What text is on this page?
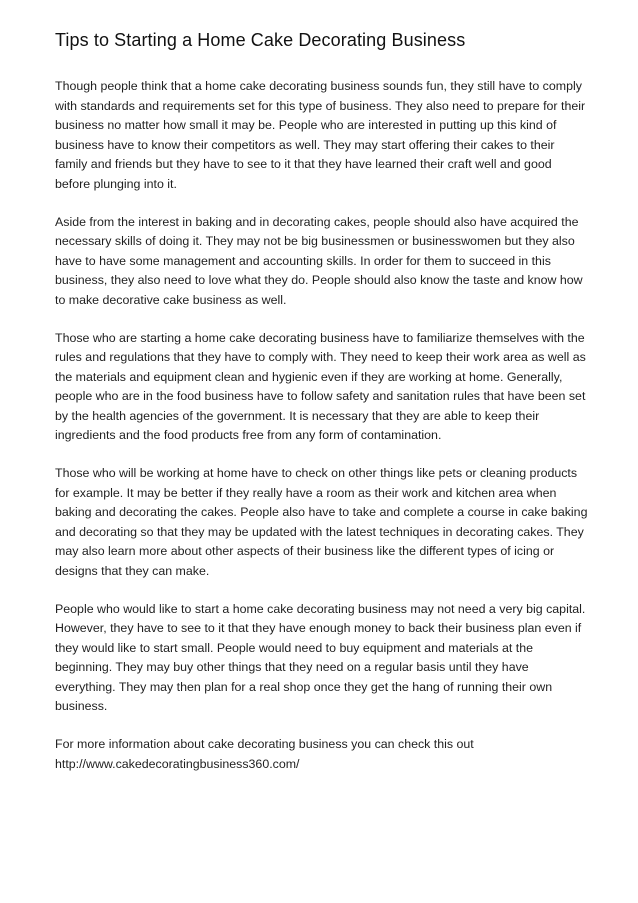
Tips to Starting a Home Cake Decorating Business

Though people think that a home cake decorating business sounds fun, they still have to comply with standards and requirements set for this type of business. They also need to prepare for their business no matter how small it may be. People who are interested in putting up this kind of business have to know their competitors as well. They may start offering their cakes to their family and friends but they have to see to it that they have learned their craft well and good before plunging into it.

Aside from the interest in baking and in decorating cakes, people should also have acquired the necessary skills of doing it. They may not be big businessmen or businesswomen but they also have to have some management and accounting skills. In order for them to succeed in this business, they also need to love what they do. People should also know the taste and know how to make decorative cake business as well.

Those who are starting a home cake decorating business have to familiarize themselves with the rules and regulations that they have to comply with. They need to keep their work area as well as the materials and equipment clean and hygienic even if they are working at home. Generally, people who are in the food business have to follow safety and sanitation rules that have been set by the health agencies of the government. It is necessary that they are able to keep their ingredients and the food products free from any form of contamination.

Those who will be working at home have to check on other things like pets or cleaning products for example. It may be better if they really have a room as their work and kitchen area when baking and decorating the cakes. People also have to take and complete a course in cake baking and decorating so that they may be updated with the latest techniques in decorating cakes. They may also learn more about other aspects of their business like the different types of icing or designs that they can make.

People who would like to start a home cake decorating business may not need a very big capital. However, they have to see to it that they have enough money to back their business plan even if they would like to start small. People would need to buy equipment and materials at the beginning. They may buy other things that they need on a regular basis until they have everything. They may then plan for a real shop once they get the hang of running their own business.

For more information about cake decorating business you can check this out
http://www.cakedecoratingbusiness360.com/
